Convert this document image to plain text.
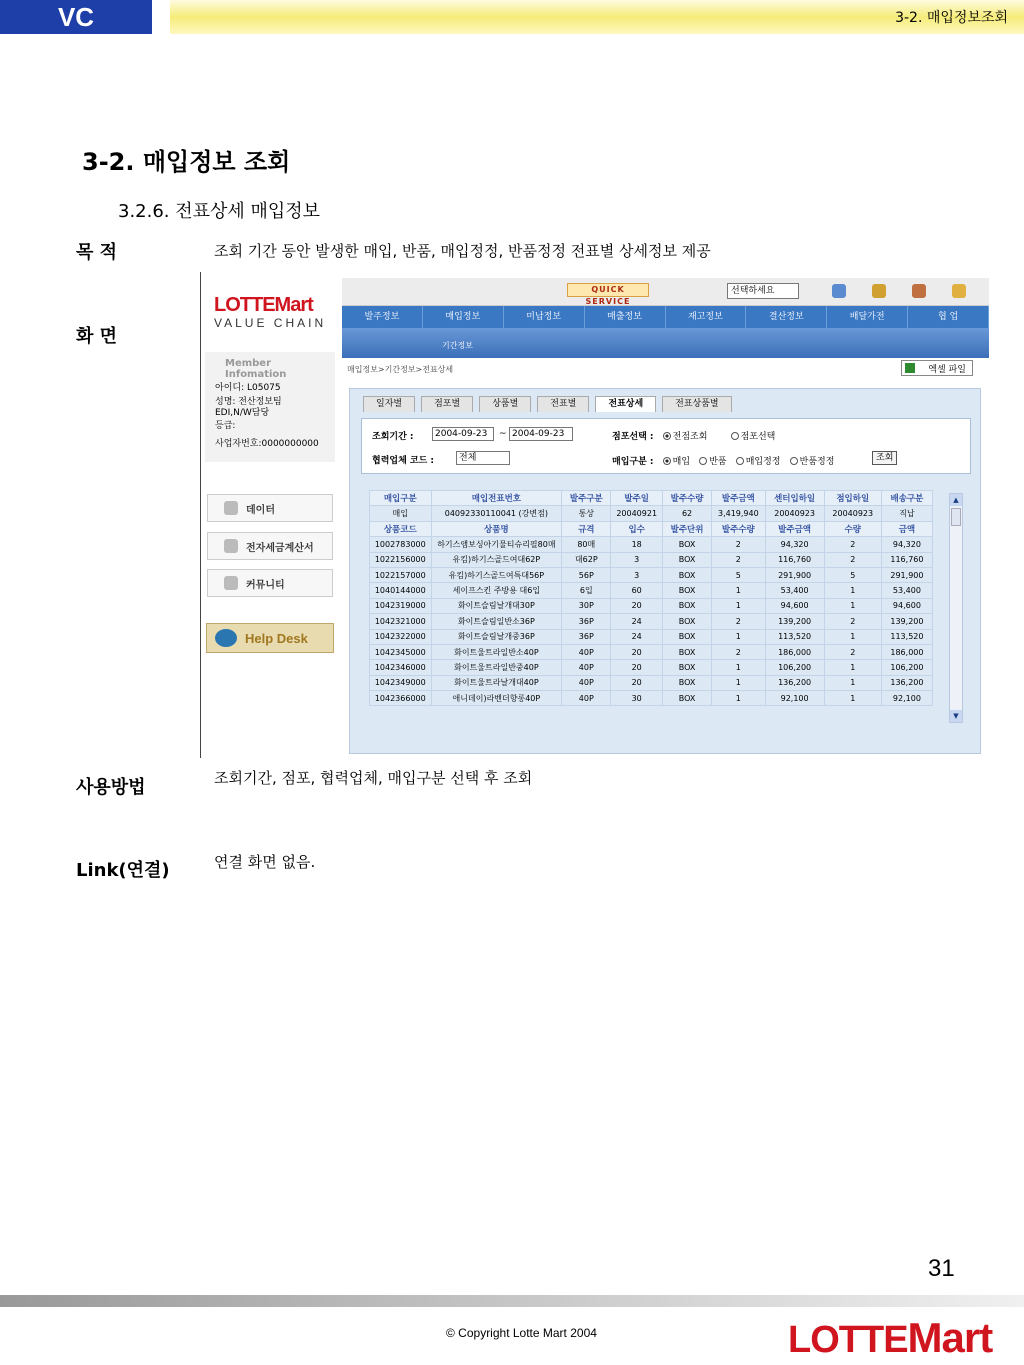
VC	3-2. 매입정보조회
3-2. 매입정보 조회
3.2.6. 전표상세 매입정보
목 적	조회 기간 동안 발생한 매입, 반품, 매입정정, 반품정정 전표별 상세정보 제공
화 면
LOTTEMart
VALUE CHAIN
Member Infomation
아이디: L05075
성명: 전산정보팀
EDI,N/W담당
등급:
사업자번호:0000000000
데이터
전자세금계산서
커뮤니티
Help Desk
QUICK SERVICE
선택하세요
발주정보	매입정보	미납정보	매출정보	재고정보	결산정보	배달가전	협 업
기간정보
매입정보>기간정보>전표상세	엑셀 파일
일자별	점포별	상품별	전표별	전표상세	전표상품별
조회기간 :	2004-09-23	~ 2004-09-23	점포선택 : 전점조회	점포선택
협력업체 코드 :	전체	매입구분 : 매입 반품 매입정정 반품정정	조회
매입구분	매입전표번호	발주구분	발주일	발주수량	발주금액	센터입하일	점입하일	배송구분
매입	04092330110041 (강변점)	통상	20040921	62	3,419,940	20040923	20040923	직납
상품코드	상품명	규격	입수	발주단위	발주수량	발주금액	수량	금액
1002783000	하기스앰보싱아기물티슈리필80매	80매	18	BOX	2	94,320	2	94,320
1022156000	유킴)하기스골드여대62P	대62P	3	BOX	2	116,760	2	116,760
1022157000	유킴)하기스골드여특대56P	56P	3	BOX	5	291,900	5	291,900
1040144000	세이프스킨 주방용 대6입	6입	60	BOX	1	53,400	1	53,400
1042319000	화이트슬림날개대30P	30P	20	BOX	1	94,600	1	94,600
1042321000	화이트슬림일반소36P	36P	24	BOX	2	139,200	2	139,200
1042322000	화이트슬림날개중36P	36P	24	BOX	1	113,520	1	113,520
1042345000	화이트울트라일반소40P	40P	20	BOX	2	186,000	2	186,000
1042346000	화이트울트라일반중40P	40P	20	BOX	1	106,200	1	106,200
1042349000	화이트울트라날개대40P	40P	20	BOX	1	136,200	1	136,200
1042366000	애니데이)라벤더향롱40P	40P	30	BOX	1	92,100	1	92,100
▲
▼
사용방법	조회기간, 점포, 협력업체, 매입구분 선택 후 조회
Link(연결)	연결 화면 없음.
31
© Copyright Lotte Mart 2004	LOTTEMart
